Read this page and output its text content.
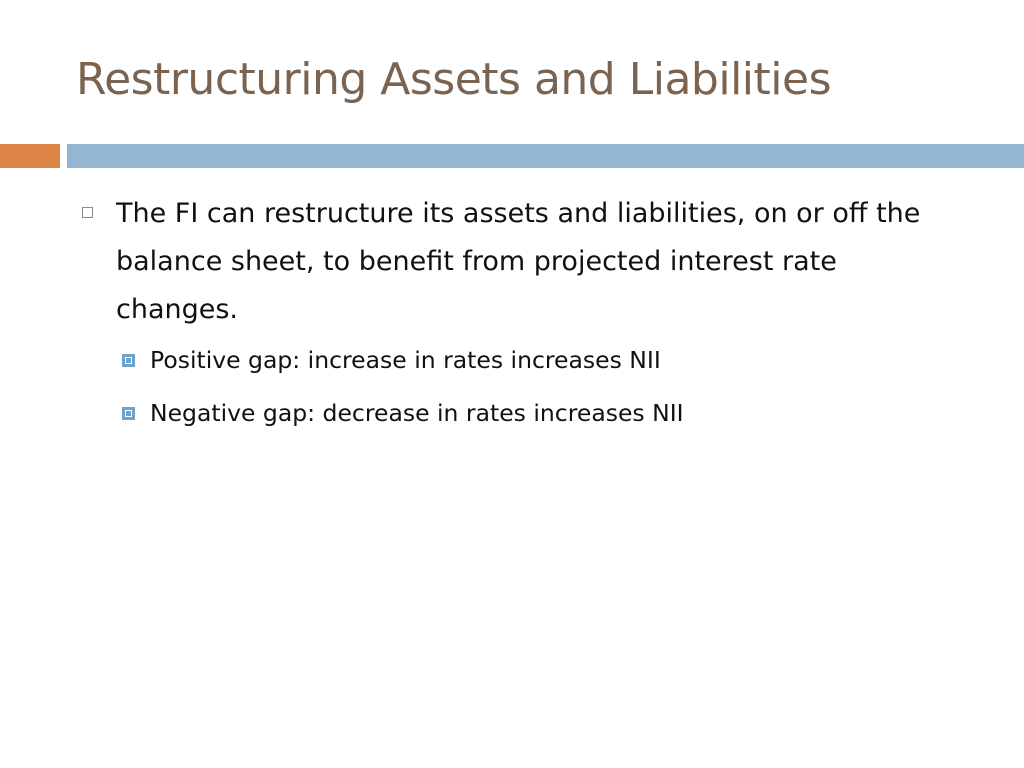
Restructuring Assets and Liabilities
The FI can restructure its assets and liabilities, on or off the balance sheet, to benefit from projected interest rate changes.
Positive gap: increase in rates increases NII
Negative gap: decrease in rates increases NII
